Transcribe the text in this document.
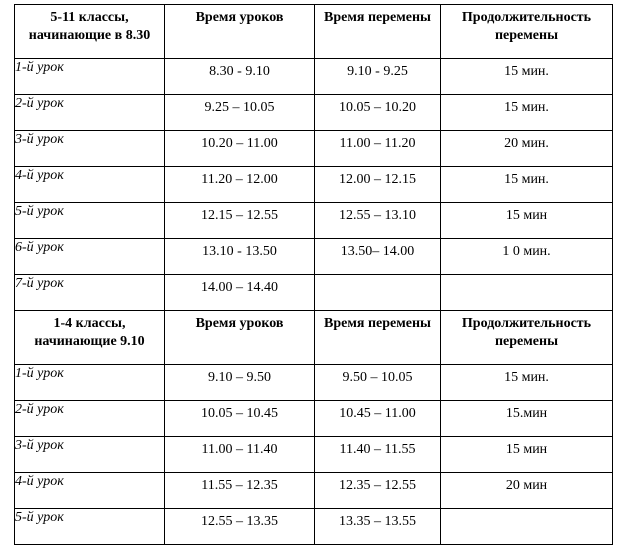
5-11 классы, начинающие в 8.30	Время уроков	Время перемены	Продолжительность перемены
1-й урок	8.30 - 9.10	9.10 - 9.25	15 мин.
2-й урок	9.25 – 10.05	10.05 – 10.20	15 мин.
3-й урок	10.20 – 11.00	11.00 – 11.20	20 мин.
4-й урок	11.20 – 12.00	12.00 – 12.15	15 мин.
5-й урок	12.15 – 12.55	12.55 – 13.10	15 мин
6-й урок	13.10 - 13.50	13.50– 14.00	1 0 мин.
7-й урок	14.00 – 14.40		
1-4 классы, начинающие 9.10	Время уроков	Время перемены	Продолжительность перемены
1-й урок	9.10 – 9.50	9.50 – 10.05	15 мин.
2-й урок	10.05 – 10.45	10.45 – 11.00	15.мин
3-й урок	11.00 – 11.40	11.40 – 11.55	15 мин
4-й урок	11.55 – 12.35	12.35 – 12.55	20 мин
5-й урок	12.55 – 13.35	13.35 – 13.55	
